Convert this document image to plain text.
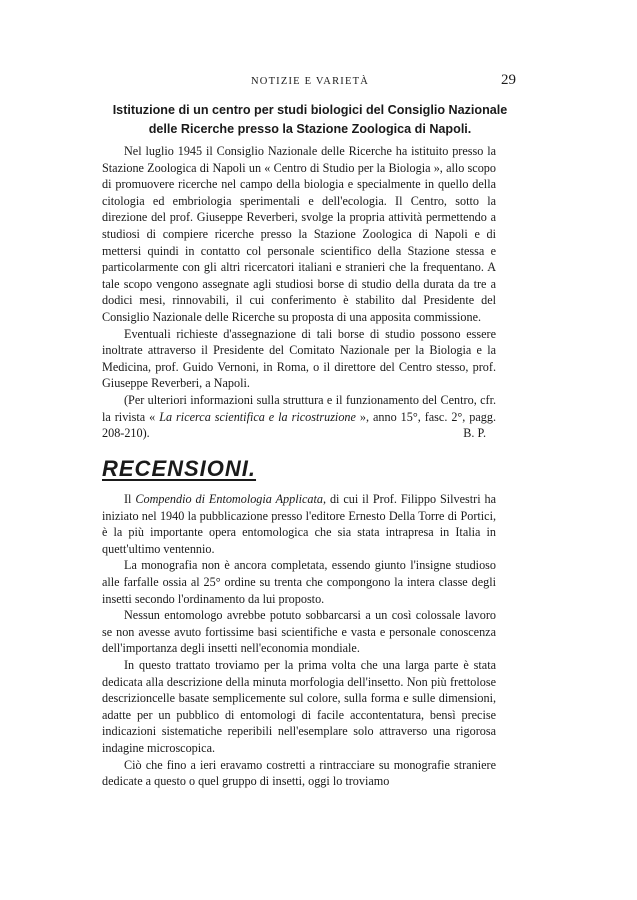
NOTIZIE E VARIETÀ	29
Istituzione di un centro per studi biologici del Consiglio Nazionale
delle Ricerche presso la Stazione Zoologica di Napoli.

Nel luglio 1945 il Consiglio Nazionale delle Ricerche ha istituito presso la Stazione Zoologica di Napoli un « Centro di Studio per la Biologia », allo scopo di promuovere ricerche nel campo della biologia e specialmente in quello della citologia ed embriologia sperimentali e dell'ecologia. Il Centro, sotto la direzione del prof. Giuseppe Reverberi, svolge la propria attività permettendo a studiosi di compiere ricerche presso la Stazione Zoologica di Napoli e di mettersi quindi in contatto col personale scientifico della Stazione stessa e particolarmente con gli altri ricercatori italiani e stranieri che la frequentano. A tale scopo vengono assegnate agli studiosi borse di studio della durata da tre a dodici mesi, rinnovabili, il cui conferimento è stabilito dal Presidente del Consiglio Nazionale delle Ricerche su proposta di una apposita commissione.

Eventuali richieste d'assegnazione di tali borse di studio possono essere inoltrate attraverso il Presidente del Comitato Nazionale per la Biologia e la Medicina, prof. Guido Vernoni, in Roma, o il direttore del Centro stesso, prof. Giuseppe Reverberi, a Napoli.

(Per ulteriori informazioni sulla struttura e il funzionamento del Centro, cfr. la rivista « La ricerca scientifica e la ricostruzione », anno 15°, fasc. 2°, pagg. 208-210).	B. P.

RECENSIONI.

Il Compendio di Entomologia Applicata, di cui il Prof. Filippo Silvestri ha iniziato nel 1940 la pubblicazione presso l'editore Ernesto Della Torre di Portici, è la più importante opera entomologica che sia stata intrapresa in Italia in quett'ultimo ventennio.

La monografia non è ancora completata, essendo giunto l'insigne studioso alle farfalle ossia al 25° ordine su trenta che compongono la intera classe degli insetti secondo l'ordinamento da lui proposto.

Nessun entomologo avrebbe potuto sobbarcarsi a un così colossale lavoro se non avesse avuto fortissime basi scientifiche e vasta e personale conoscenza dell'importanza degli insetti nell'economia mondiale.

In questo trattato troviamo per la prima volta che una larga parte è stata dedicata alla descrizione della minuta morfologia dell'insetto. Non più frettolose descrizioncelle basate semplicemente sul colore, sulla forma e sulle dimensioni, adatte per un pubblico di entomologi di facile accontentatura, bensì precise indicazioni sistematiche reperibili nell'esemplare solo attraverso una rigorosa indagine microscopica.

Ciò che fino a ieri eravamo costretti a rintracciare su monografie straniere dedicate a questo o quel gruppo di insetti, oggi lo troviamo
